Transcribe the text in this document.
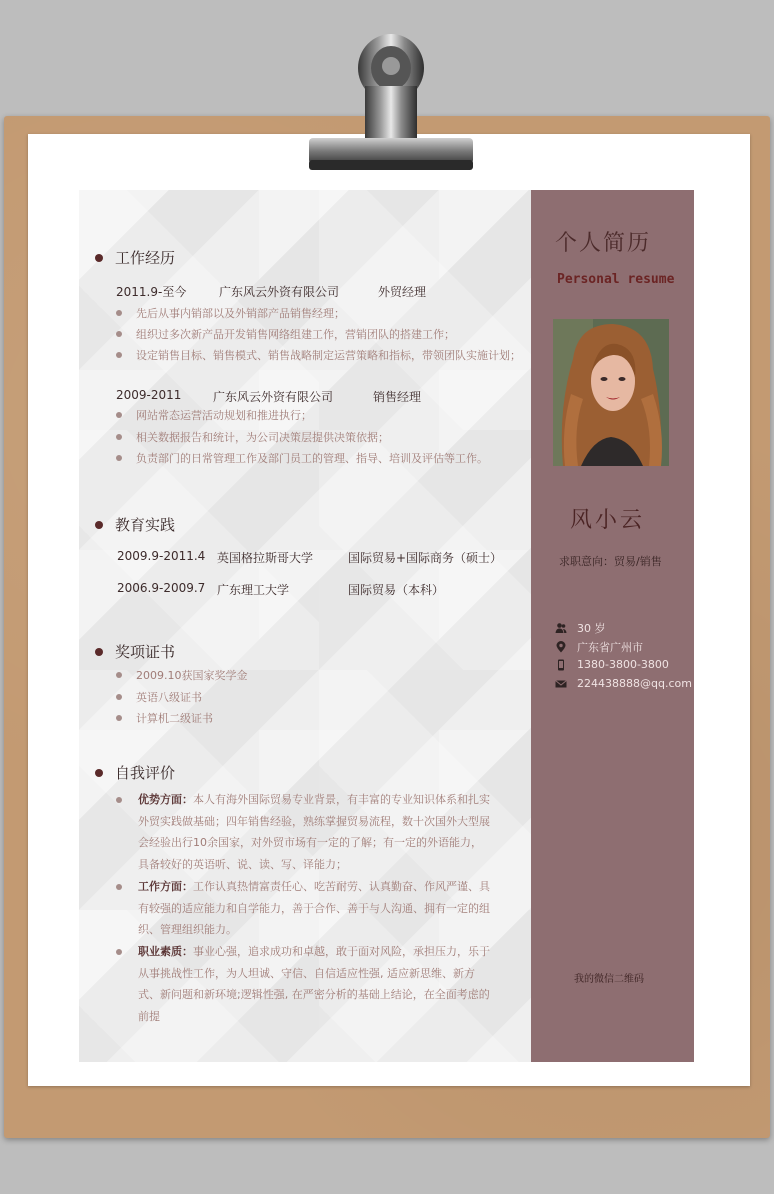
工作经历
2011.9-至今	广东风云外资有限公司	外贸经理
先后从事内销部以及外销部产品销售经理；
组织过多次新产品开发销售网络组建工作，营销团队的搭建工作；
设定销售目标、销售模式、销售战略制定运营策略和指标，带领团队实施计划；
2009-2011	广东风云外资有限公司	销售经理
网站常态运营活动规划和推进执行；
相关数据报告和统计，为公司决策层提供决策依据；
负责部门的日常管理工作及部门员工的管理、指导、培训及评估等工作。
教育实践
2009.9-2011.4 英国格拉斯哥大学	国际贸易+国际商务（硕士）
2006.9-2009.7 广东理工大学	国际贸易（本科）
奖项证书
2009.10获国家奖学金
英语八级证书
计算机二级证书
自我评价
优势方面：本人有海外国际贸易专业背景，有丰富的专业知识体系和扎实外贸实践做基础；四年销售经验，熟练掌握贸易流程，数十次国外大型展会经验出行10余国家，对外贸市场有一定的了解；有一定的外语能力，具备较好的英语听、说、读、写、译能力；
工作方面：工作认真热情富责任心、吃苦耐劳、认真勤奋、作风严谨、具有较强的适应能力和自学能力，善于合作、善于与人沟通、拥有一定的组织、管理组织能力。
职业素质：事业心强，追求成功和卓越，敢于面对风险，承担压力，乐于从事挑战性工作，为人坦诚、守信、自信适应性强, 适应新思维、新方式、新问题和新环境;逻辑性强, 在严密分析的基础上结论，在全面考虑的前提
个人简历
Personal resume
风小云
求职意向：贸易/销售
30 岁
广东省广州市
1380-3800-3800
224438888@qq.com
我的微信二维码
